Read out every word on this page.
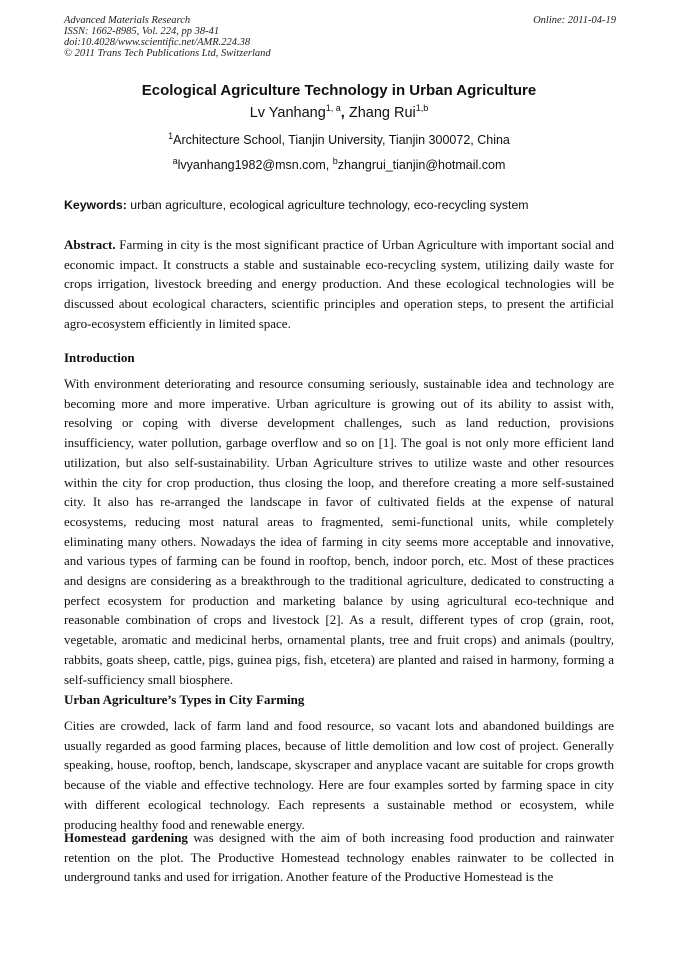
Advanced Materials Research
ISSN: 1662-8985, Vol. 224, pp 38-41
doi:10.4028/www.scientific.net/AMR.224.38
© 2011 Trans Tech Publications Ltd, Switzerland
Online: 2011-04-19
Ecological Agriculture Technology in Urban Agriculture
Lv Yanhang$^{1, a}$, Zhang Rui$^{1,b}$
$^1$Architecture School, Tianjin University, Tianjin 300072, China
$^a$lvyanhang1982@msn.com, $^b$zhangrui_tianjin@hotmail.com
Keywords: urban agriculture, ecological agriculture technology, eco-recycling system
Abstract. Farming in city is the most significant practice of Urban Agriculture with important social and economic impact. It constructs a stable and sustainable eco-recycling system, utilizing daily waste for crops irrigation, livestock breeding and energy production. And these ecological technologies will be discussed about ecological characters, scientific principles and operation steps, to present the artificial agro-ecosystem efficiently in limited space.
Introduction
With environment deteriorating and resource consuming seriously, sustainable idea and technology are becoming more and more imperative. Urban agriculture is growing out of its ability to assist with, resolving or coping with diverse development challenges, such as land reduction, provisions insufficiency, water pollution, garbage overflow and so on [1]. The goal is not only more efficient land utilization, but also self-sustainability. Urban Agriculture strives to utilize waste and other resources within the city for crop production, thus closing the loop, and therefore creating a more self-sustained city. It also has re-arranged the landscape in favor of cultivated fields at the expense of natural ecosystems, reducing most natural areas to fragmented, semi-functional units, while completely eliminating many others. Nowadays the idea of farming in city seems more acceptable and innovative, and various types of farming can be found in rooftop, bench, indoor porch, etc. Most of these practices and designs are considering as a breakthrough to the traditional agriculture, dedicated to constructing a perfect ecosystem for production and marketing balance by using agricultural eco-technique and reasonable combination of crops and livestock [2]. As a result, different types of crop (grain, root, vegetable, aromatic and medicinal herbs, ornamental plants, tree and fruit crops) and animals (poultry, rabbits, goats sheep, cattle, pigs, guinea pigs, fish, etcetera) are planted and raised in harmony, forming a self-sufficiency small biosphere.
Urban Agriculture’s Types in City Farming
Cities are crowded, lack of farm land and food resource, so vacant lots and abandoned buildings are usually regarded as good farming places, because of little demolition and low cost of project. Generally speaking, house, rooftop, bench, landscape, skyscraper and anyplace vacant are suitable for crops growth because of the viable and effective technology. Here are four examples sorted by farming space in city with different ecological technology. Each represents a sustainable method or ecosystem, while producing healthy food and renewable energy.
Homestead gardening was designed with the aim of both increasing food production and rainwater retention on the plot. The Productive Homestead technology enables rainwater to be collected in underground tanks and used for irrigation. Another feature of the Productive Homestead is the
